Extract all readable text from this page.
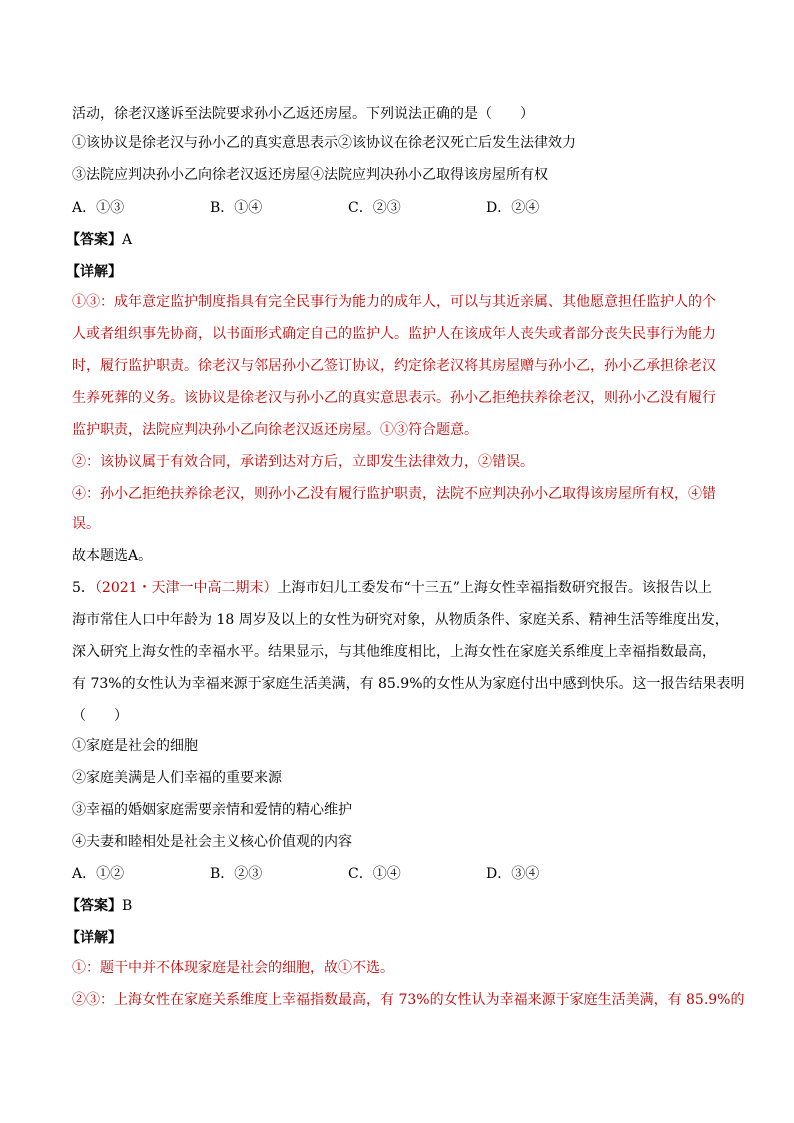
活动，徐老汉遂诉至法院要求孙小乙返还房屋。下列说法正确的是（　　）
①该协议是徐老汉与孙小乙的真实意思表示②该协议在徐老汉死亡后发生法律效力
③法院应判决孙小乙向徐老汉返还房屋④法院应判决孙小乙取得该房屋所有权
A．①③	B．①④	C．②③	D．②④
【答案】A
【详解】
①③：成年意定监护制度指具有完全民事行为能力的成年人，可以与其近亲属、其他愿意担任监护人的个
人或者组织事先协商，以书面形式确定自己的监护人。监护人在该成年人丧失或者部分丧失民事行为能力
时，履行监护职责。徐老汉与邻居孙小乙签订协议，约定徐老汉将其房屋赠与孙小乙，孙小乙承担徐老汉
生养死葬的义务。该协议是徐老汉与孙小乙的真实意思表示。孙小乙拒绝扶养徐老汉，则孙小乙没有履行
监护职责，法院应判决孙小乙向徐老汉返还房屋。①③符合题意。
②：该协议属于有效合同，承诺到达对方后，立即发生法律效力，②错误。
④：孙小乙拒绝扶养徐老汉，则孙小乙没有履行监护职责，法院不应判决孙小乙取得该房屋所有权，④错
误。
故本题选A。
5．（2021・天津一中高二期末）上海市妇儿工委发布“十三五”上海女性幸福指数研究报告。该报告以上
海市常住人口中年龄为 18 周岁及以上的女性为研究对象，从物质条件、家庭关系、精神生活等维度出发，
深入研究上海女性的幸福水平。结果显示，与其他维度相比，上海女性在家庭关系维度上幸福指数最高，
有 73%的女性认为幸福来源于家庭生活美满，有 85.9%的女性从为家庭付出中感到快乐。这一报告结果表明
（　　）
①家庭是社会的细胞
②家庭美满是人们幸福的重要来源
③幸福的婚姻家庭需要亲情和爱情的精心维护
④夫妻和睦相处是社会主义核心价值观的内容
A．①②	B．②③	C．①④	D．③④
【答案】B
【详解】
①：题干中并不体现家庭是社会的细胞，故①不选。
②③：上海女性在家庭关系维度上幸福指数最高，有 73%的女性认为幸福来源于家庭生活美满，有 85.9%的
